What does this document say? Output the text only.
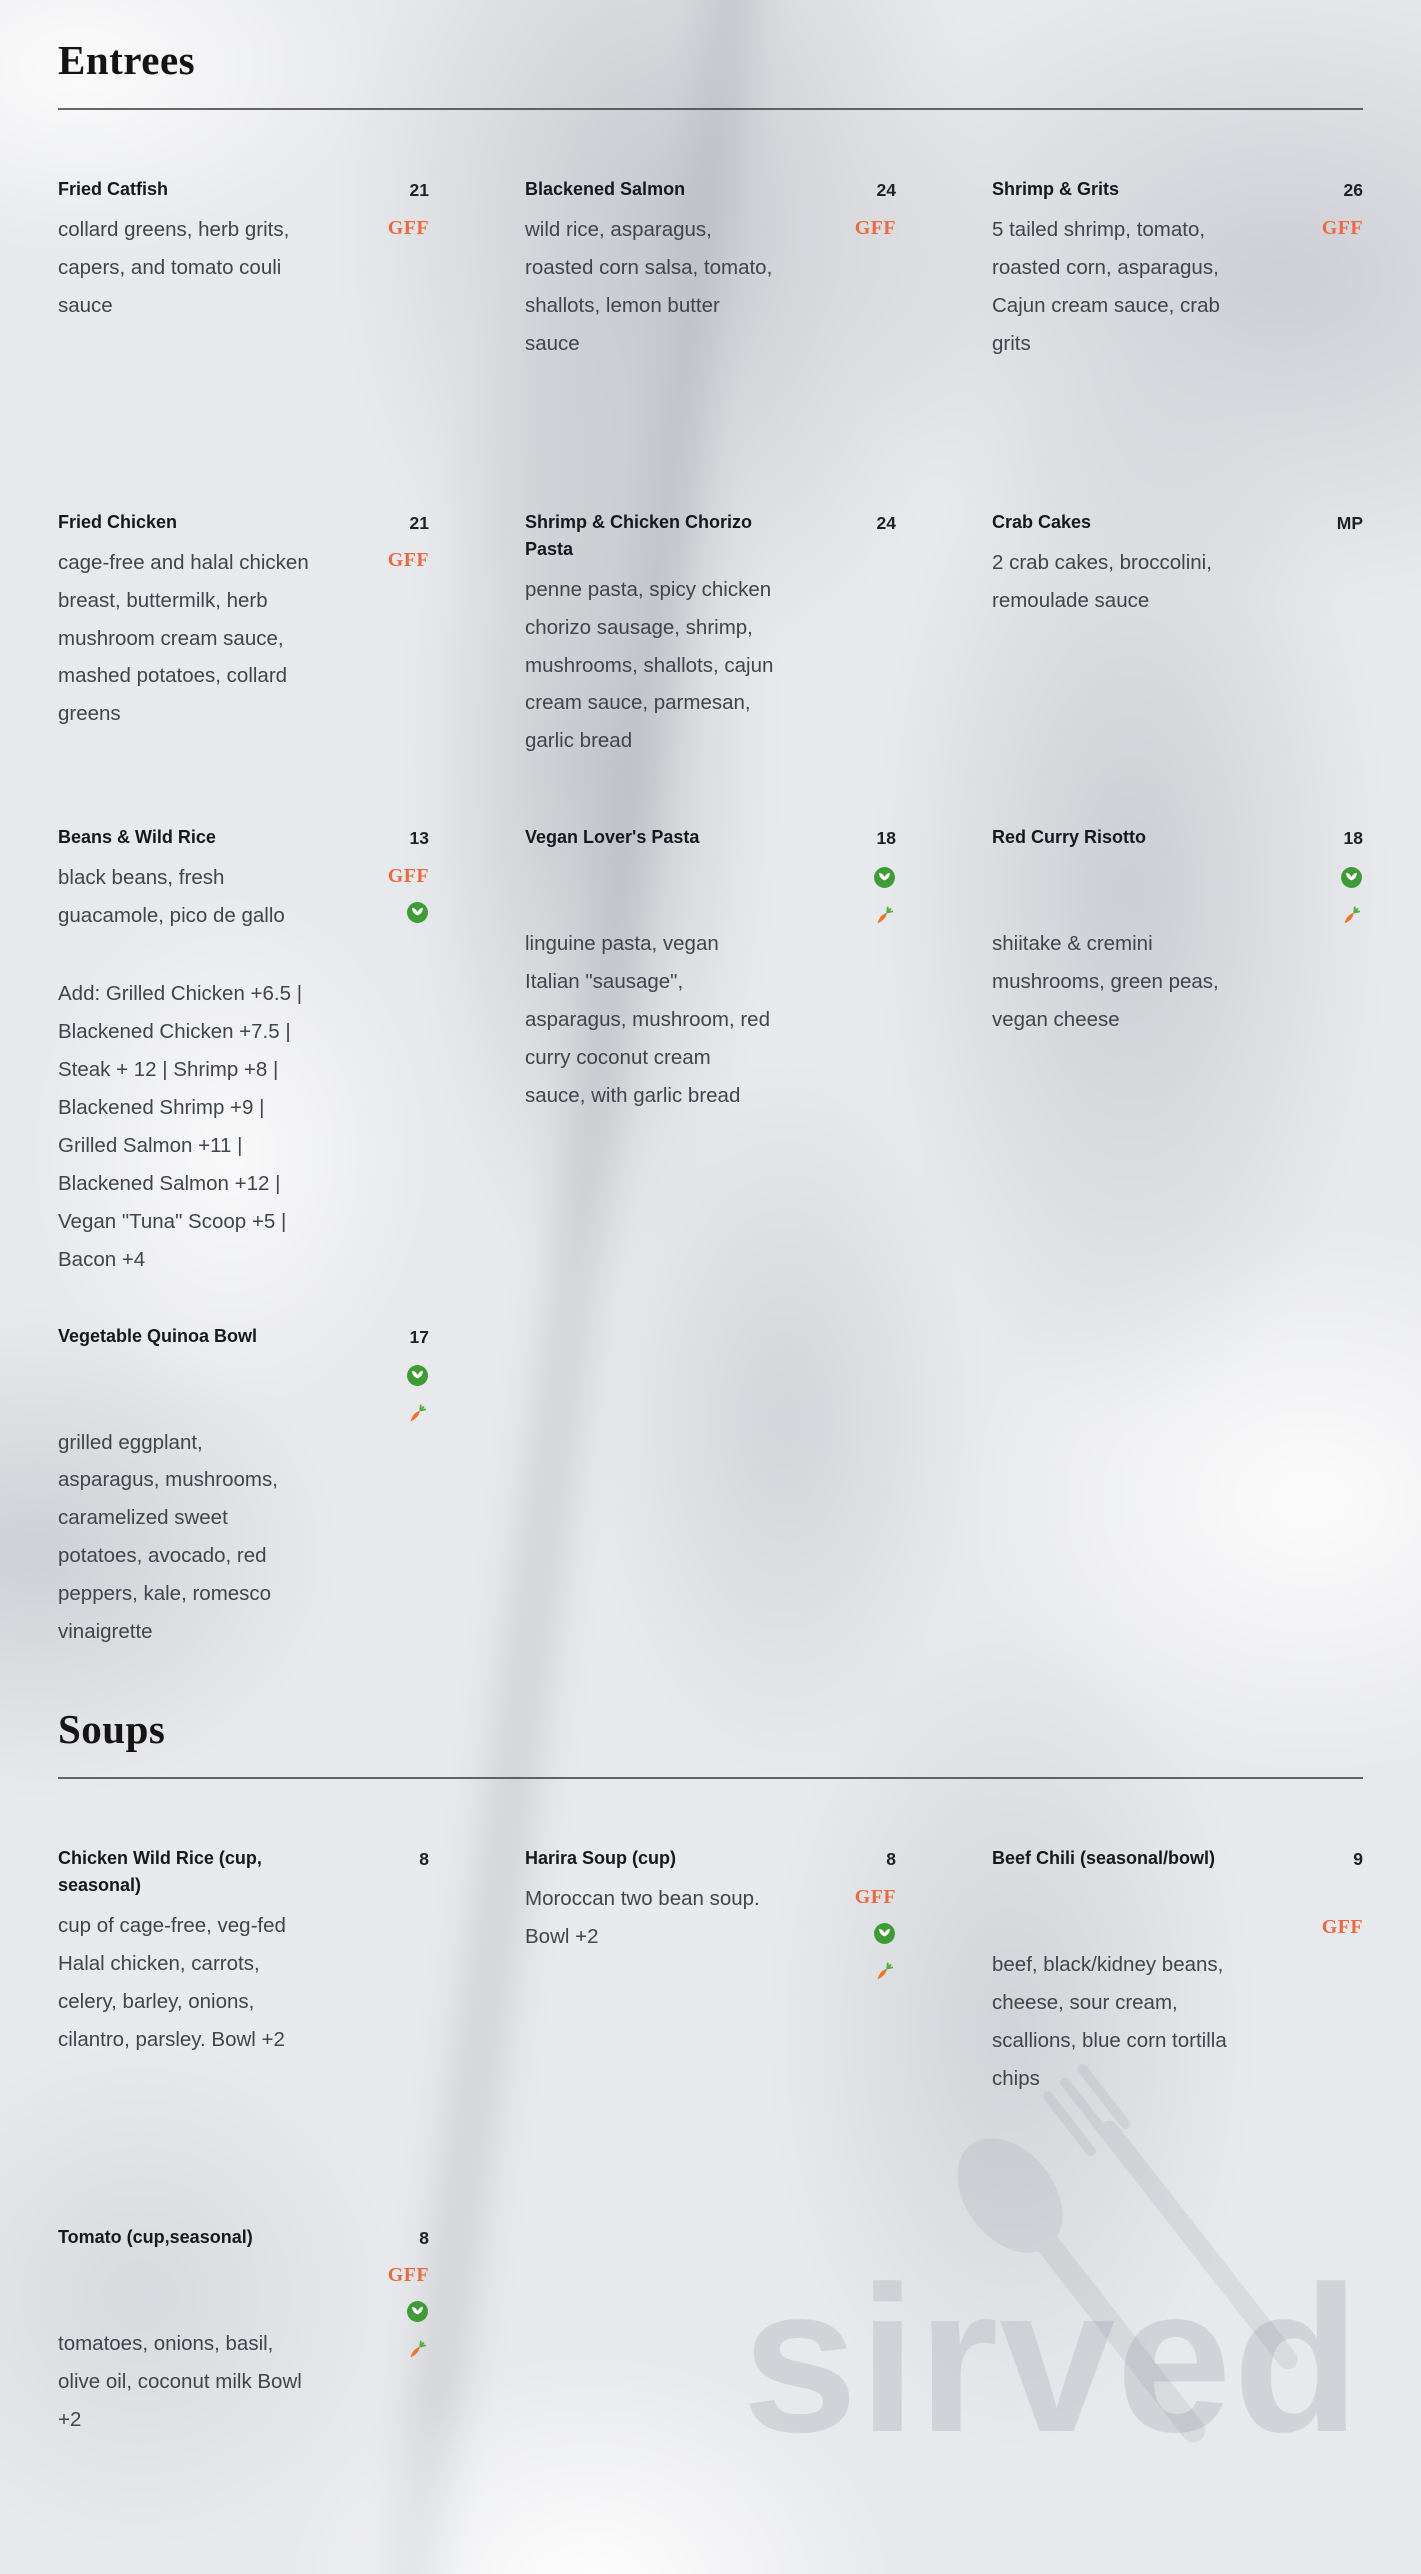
sirved
Entrees
Fried Catfish

collard greens, herb grits, capers, and tomato couli sauce

21
GFF
Blackened Salmon

wild rice, asparagus, roasted corn salsa, tomato, shallots, lemon butter sauce

24
GFF
Shrimp & Grits

5 tailed shrimp, tomato, roasted corn, asparagus, Cajun cream sauce, crab grits

26
GFF
Fried Chicken

cage-free and halal chicken breast, buttermilk, herb mushroom cream sauce, mashed potatoes, collard greens

21
GFF
Shrimp & Chicken Chorizo Pasta

penne pasta, spicy chicken chorizo sausage, shrimp, mushrooms, shallots, cajun cream sauce, parmesan, garlic bread

24	Crab Cakes

2 crab cakes, broccolini, remoulade sauce

MP
Beans & Wild Rice

black beans, fresh guacamole, pico de gallo

Add: Grilled Chicken +6.5 | Blackened Chicken +7.5 | Steak + 12 | Shrimp +8 | Blackened Shrimp +9 | Grilled Salmon +11 | Blackened Salmon +12 | Vegan "Tuna" Scoop +5 | Bacon +4

13
GFF
Vegan Lover's Pasta

linguine pasta, vegan Italian "sausage", asparagus, mushroom, red curry coconut cream sauce, with garlic bread

18	Red Curry Risotto

shiitake & cremini mushrooms, green peas, vegan cheese

18
Vegetable Quinoa Bowl

grilled eggplant, asparagus, mushrooms, caramelized sweet potatoes, avocado, red peppers, kale, romesco vinaigrette

17
Soups
Chicken Wild Rice (cup, seasonal)

cup of cage-free, veg-fed Halal chicken, carrots, celery, barley, onions, cilantro, parsley. Bowl +2

8	Harira Soup (cup)

Moroccan two bean soup. Bowl +2

8
GFF
Beef Chili (seasonal/bowl)

beef, black/kidney beans, cheese, sour cream, scallions, blue corn tortilla chips

9
GFF
Tomato (cup,seasonal)

tomatoes, onions, basil, olive oil, coconut milk Bowl +2

8
GFF
